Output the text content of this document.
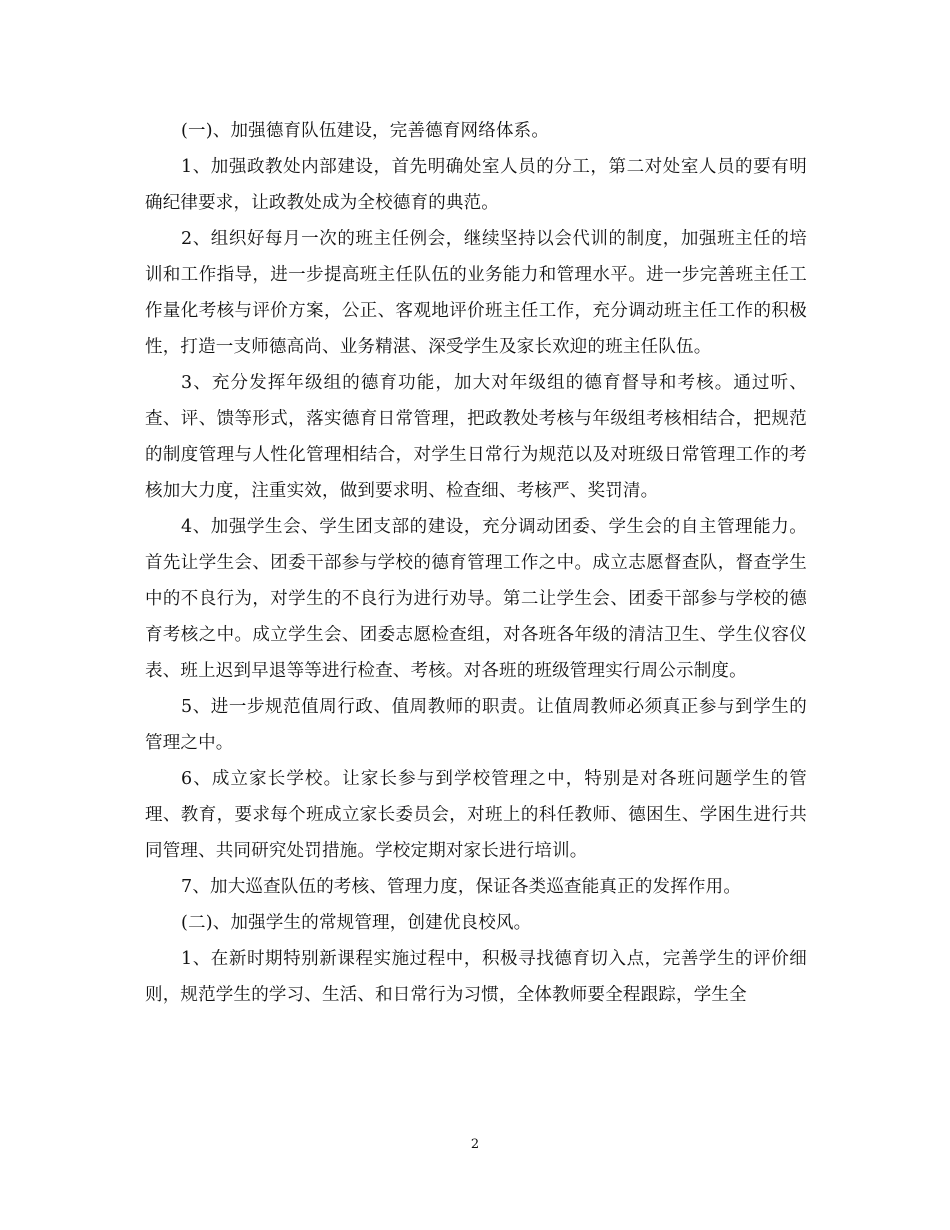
(一)、加强德育队伍建设，完善德育网络体系。

1、加强政教处内部建设，首先明确处室人员的分工，第二对处室人员的要有明确纪律要求，让政教处成为全校德育的典范。

2、组织好每月一次的班主任例会，继续坚持以会代训的制度，加强班主任的培训和工作指导，进一步提高班主任队伍的业务能力和管理水平。进一步完善班主任工作量化考核与评价方案，公正、客观地评价班主任工作，充分调动班主任工作的积极性，打造一支师德高尚、业务精湛、深受学生及家长欢迎的班主任队伍。

3、充分发挥年级组的德育功能，加大对年级组的德育督导和考核。通过听、查、评、馈等形式，落实德育日常管理，把政教处考核与年级组考核相结合，把规范的制度管理与人性化管理相结合，对学生日常行为规范以及对班级日常管理工作的考核加大力度，注重实效，做到要求明、检查细、考核严、奖罚清。

4、加强学生会、学生团支部的建设，充分调动团委、学生会的自主管理能力。首先让学生会、团委干部参与学校的德育管理工作之中。成立志愿督查队，督查学生中的不良行为，对学生的不良行为进行劝导。第二让学生会、团委干部参与学校的德育考核之中。成立学生会、团委志愿检查组，对各班各年级的清洁卫生、学生仪容仪表、班上迟到早退等等进行检查、考核。对各班的班级管理实行周公示制度。

5、进一步规范值周行政、值周教师的职责。让值周教师必须真正参与到学生的管理之中。

6、成立家长学校。让家长参与到学校管理之中，特别是对各班问题学生的管理、教育，要求每个班成立家长委员会，对班上的科任教师、德困生、学困生进行共同管理、共同研究处罚措施。学校定期对家长进行培训。

7、加大巡查队伍的考核、管理力度，保证各类巡查能真正的发挥作用。

(二)、加强学生的常规管理，创建优良校风。

1、在新时期特别新课程实施过程中，积极寻找德育切入点，完善学生的评价细则，规范学生的学习、生活、和日常行为习惯，全体教师要全程跟踪，学生全

2
